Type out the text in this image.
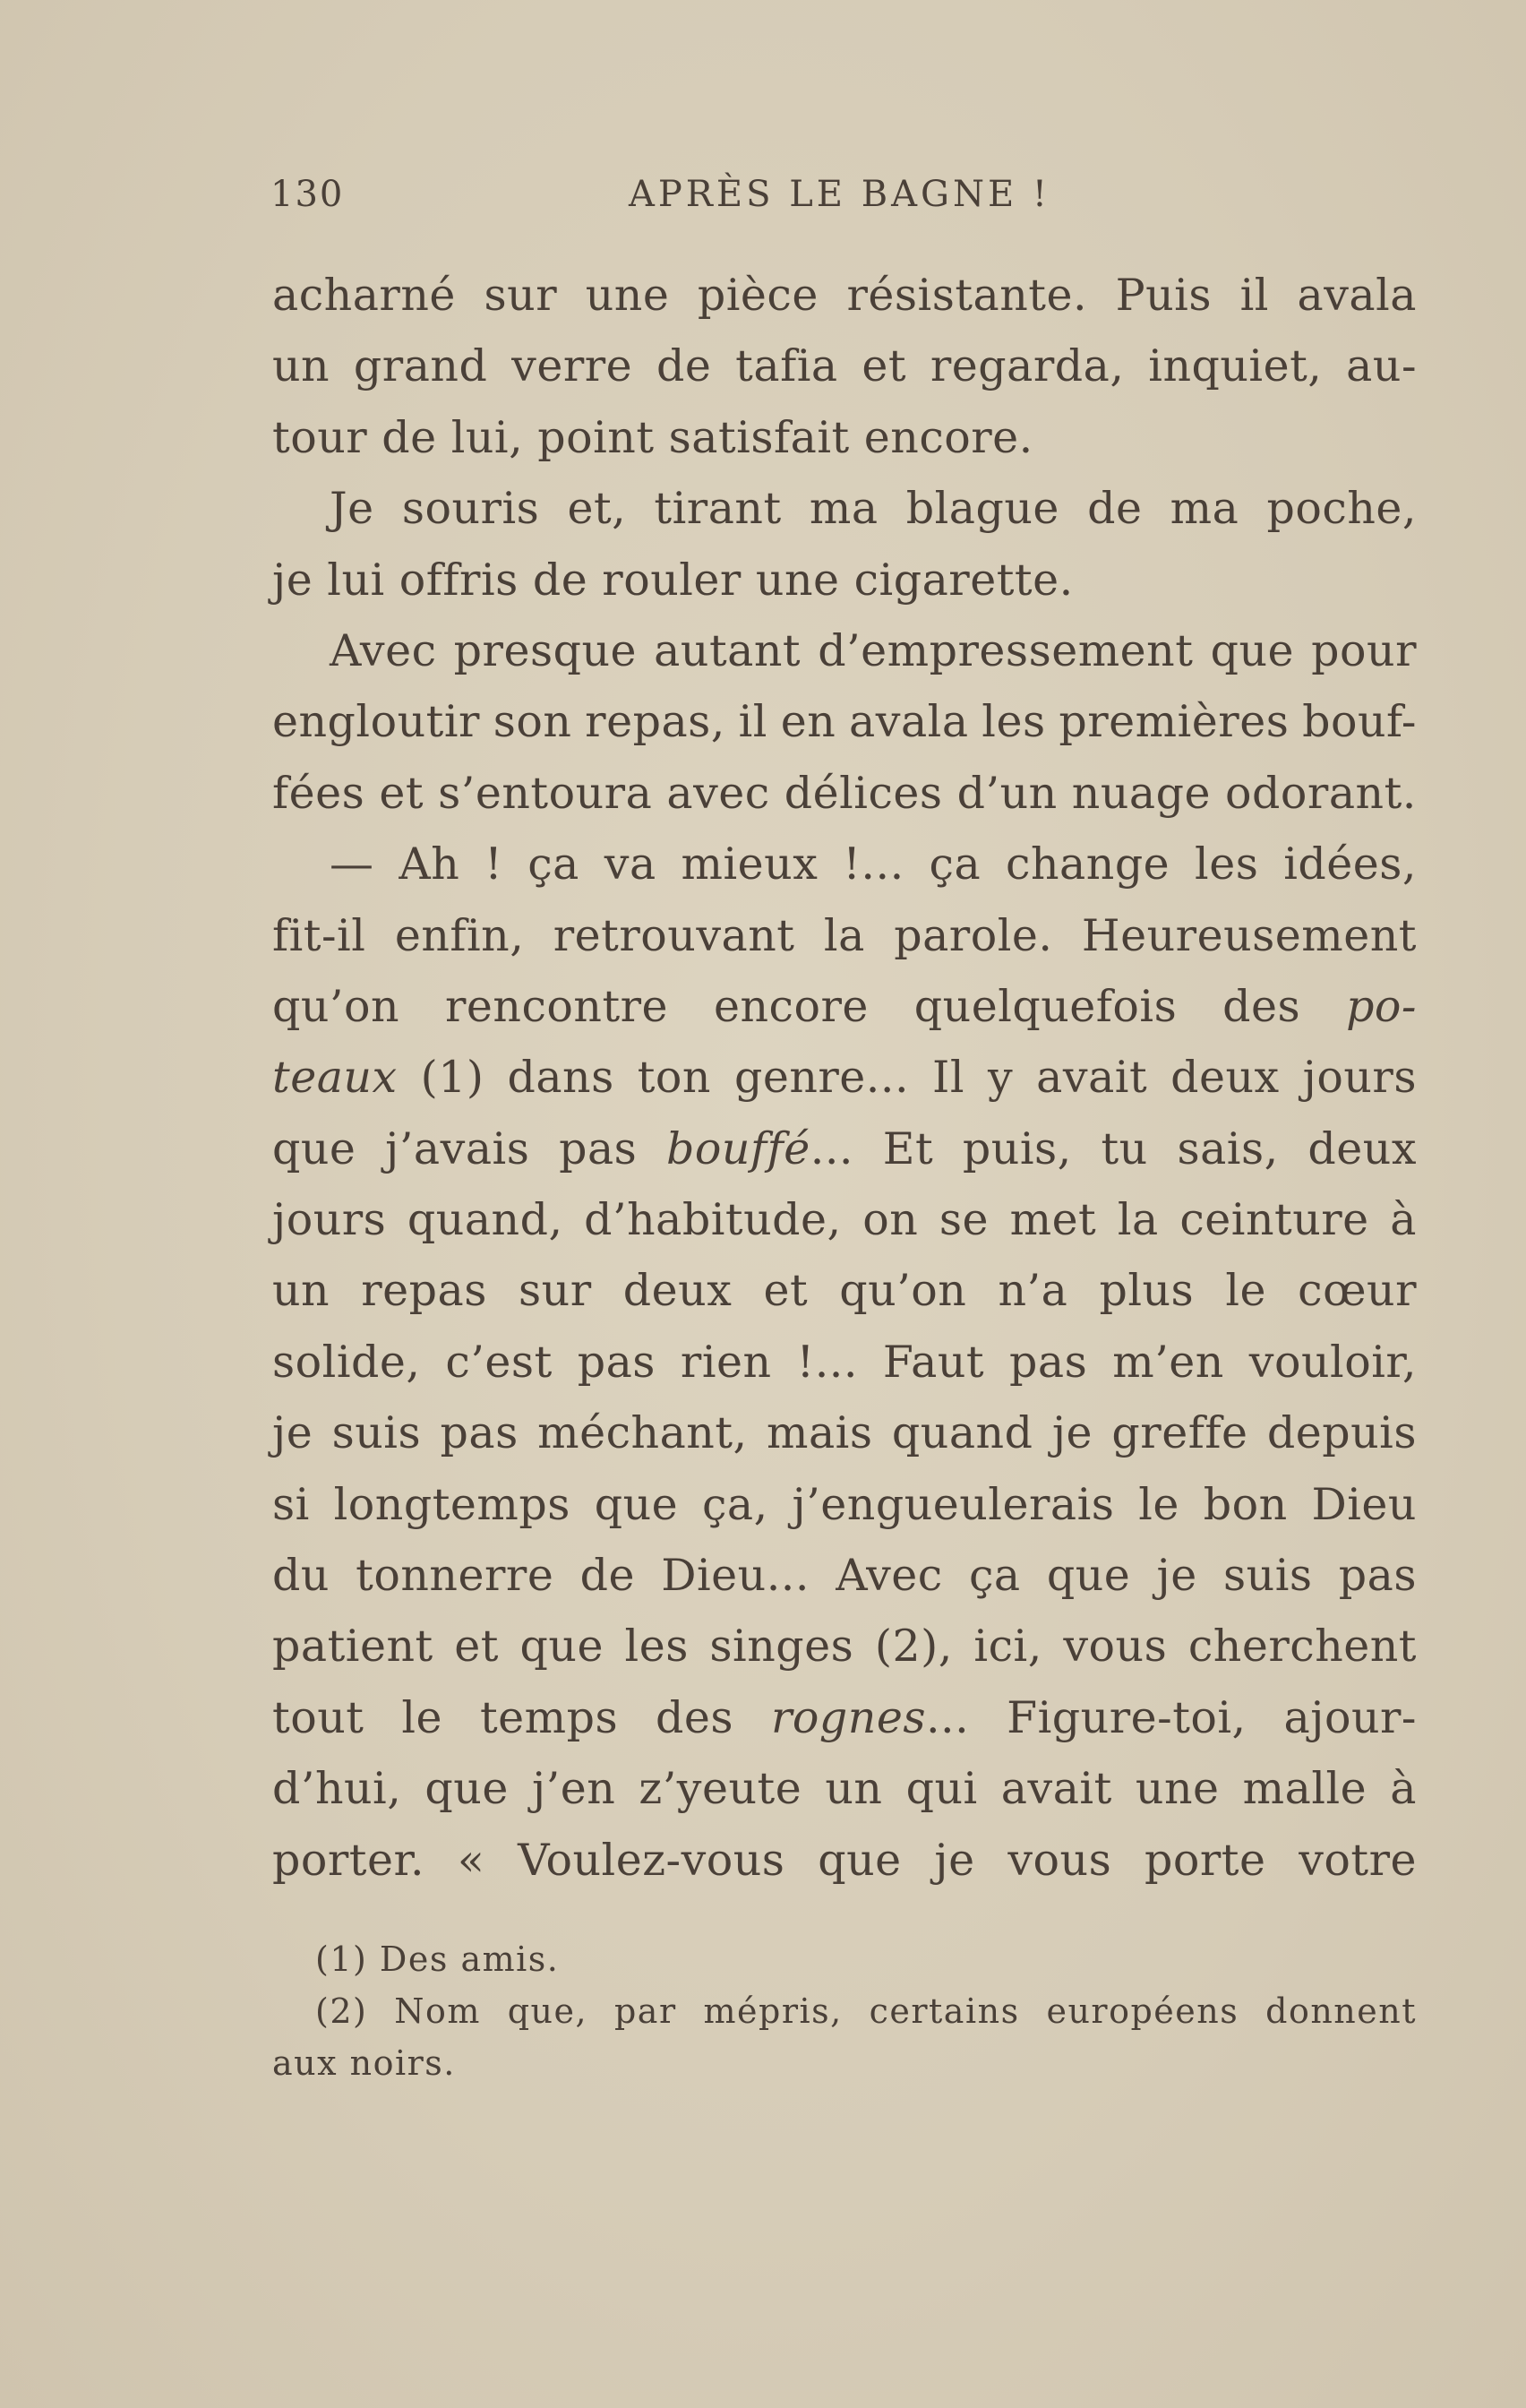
130	APRÈS LE BAGNE !
acharné sur une pièce résistante. Puis il avala
un grand verre de tafia et regarda, inquiet, au-
tour de lui, point satisfait encore.
Je souris et, tirant ma blague de ma poche,
je lui offris de rouler une cigarette.
Avec presque autant d’empressement que pour
engloutir son repas, il en avala les premières bouf-
fées et s’entoura avec délices d’un nuage odorant.
— Ah ! ça va mieux !... ça change les idées,
fit-il enfin, retrouvant la parole. Heureusement
qu’on rencontre encore quelquefois des po-
teaux (1) dans ton genre... Il y avait deux jours
que j’avais pas bouffé... Et puis, tu sais, deux
jours quand, d’habitude, on se met la ceinture à
un repas sur deux et qu’on n’a plus le cœur
solide, c’est pas rien !... Faut pas m’en vouloir,
je suis pas méchant, mais quand je greffe depuis
si longtemps que ça, j’engueulerais le bon Dieu
du tonnerre de Dieu... Avec ça que je suis pas
patient et que les singes (2), ici, vous cherchent
tout le temps des rognes... Figure-toi, ajour-
d’hui, que j’en z’yeute un qui avait une malle à
porter. « Voulez-vous que je vous porte votre
(1) Des amis.
(2) Nom que, par mépris, certains européens donnent
aux noirs.
